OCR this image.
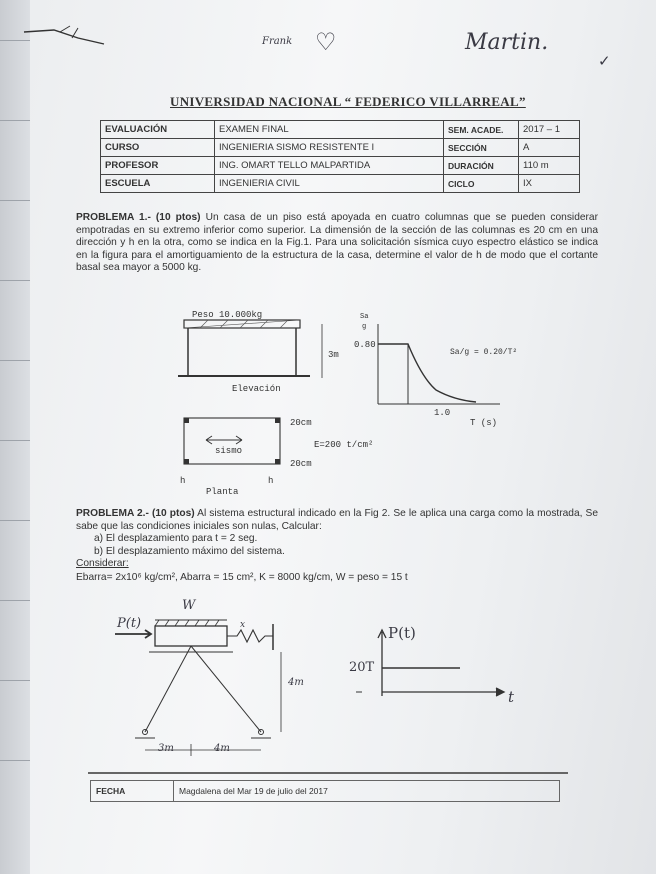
Frank ♡	Martin.
✓
UNIVERSIDAD NACIONAL “ FEDERICO VILLARREAL”
EVALUACIÓN	EXAMEN FINAL	SEM. ACADE.	2017 – 1
CURSO	INGENIERIA SISMO RESISTENTE I	SECCIÓN	A
PROFESOR	ING. OMART TELLO MALPARTIDA	DURACIÓN	110 m
ESCUELA	INGENIERIA CIVIL	CICLO	IX
PROBLEMA 1.- (10 ptos) Un casa de un piso está apoyada en cuatro columnas que se pueden considerar empotradas en su extremo inferior como superior. La dimensión de la sección de las columnas es 20 cm en una dirección y h en la otra, como se indica en la Fig.1. Para una solicitación sísmica cuyo espectro elástico se indica en la figura para el amortiguamiento de la estructura de la casa, determine el valor de h de modo que el cortante basal sea mayor a 5000 kg.
Peso 10.000kg
3m
Elevación
sismo
20cm
20cm
E=200 t/cm²
h	h
Planta
Sa
g
0.80
Sa/g = 0.20/T²
1.0
T (s)
PROBLEMA 2.- (10 ptos) Al sistema estructural indicado en la Fig 2. Se le aplica una carga como la mostrada, Se sabe que las condiciones iniciales son nulas, Calcular:
a) El desplazamiento para t = 2 seg.
b) El desplazamiento máximo del sistema.
Considerar:
Ebarra= 2x10⁶ kg/cm², Abarra = 15 cm², K = 8000 kg/cm, W = peso = 15 t
W
P(t)	x
4m
3m	4m
P(t)
20T
t
FECHA	Magdalena del Mar 19 de julio del 2017
